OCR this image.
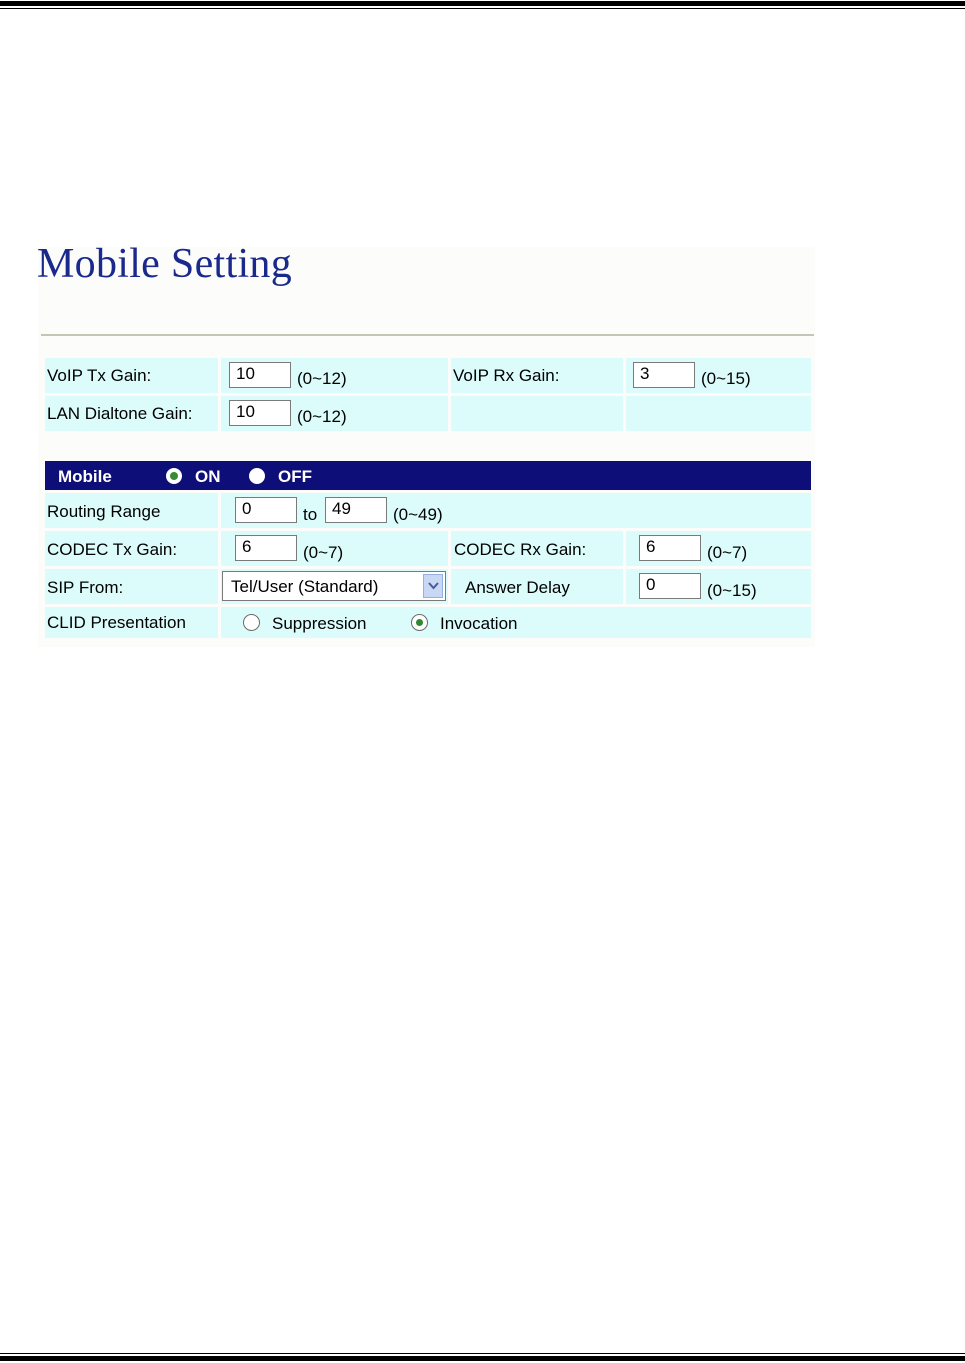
Mobile Setting
VoIP Tx Gain:	10	(0~12)	VoIP Rx Gain:	3	(0~15)
LAN Dialtone Gain:	10	(0~12)
Mobile	ON	OFF
Routing Range	0	to 49	(0~49)
CODEC Tx Gain:	6	(0~7)	CODEC Rx Gain:	6	(0~7)
SIP From:	Tel/User (Standard)	Answer Delay	0	(0~15)
CLID Presentation	Suppression	Invocation
